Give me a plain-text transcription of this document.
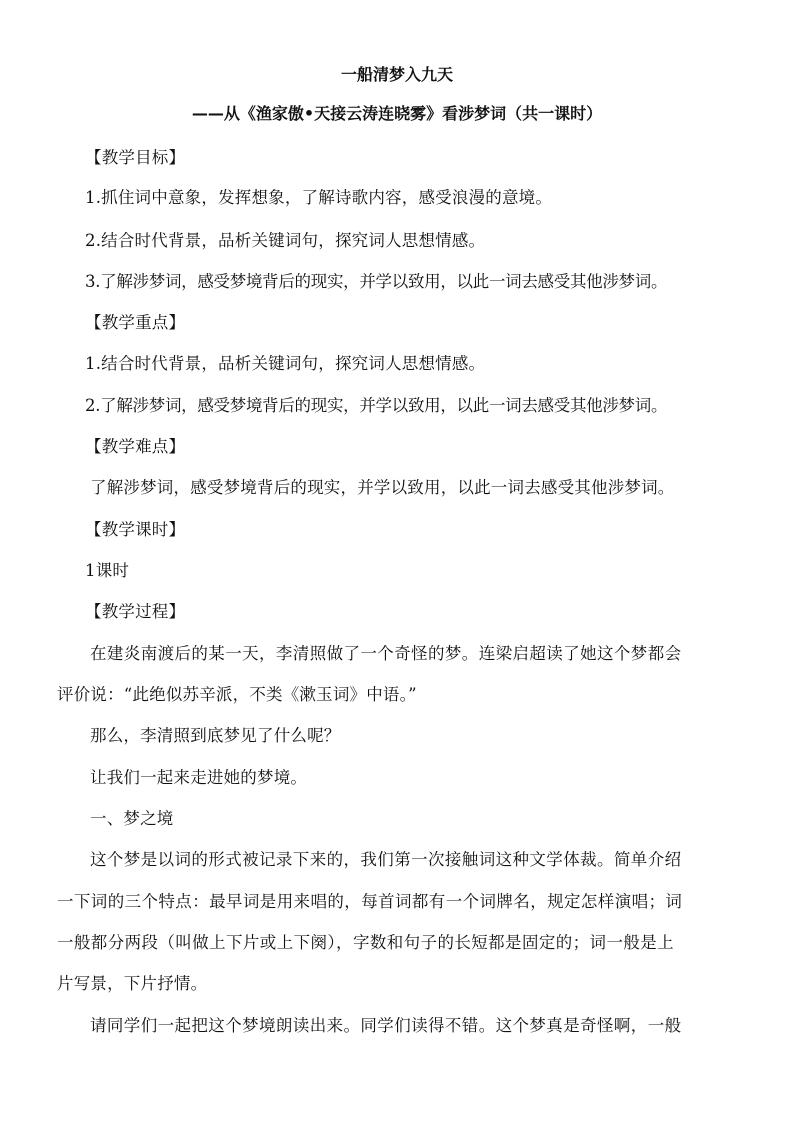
一船清梦入九天
——从《渔家傲•天接云涛连晓雾》看涉梦词（共一课时）
【教学目标】
1.抓住词中意象，发挥想象，了解诗歌内容，感受浪漫的意境。
2.结合时代背景，品析关键词句，探究词人思想情感。
3.了解涉梦词，感受梦境背后的现实，并学以致用，以此一词去感受其他涉梦词。
【教学重点】
1.结合时代背景，品析关键词句，探究词人思想情感。
2.了解涉梦词，感受梦境背后的现实，并学以致用，以此一词去感受其他涉梦词。
【教学难点】
了解涉梦词，感受梦境背后的现实，并学以致用，以此一词去感受其他涉梦词。
【教学课时】
1课时
【教学过程】
在建炎南渡后的某一天，李清照做了一个奇怪的梦。连梁启超读了她这个梦都会
评价说：“此绝似苏辛派，不类《漱玉词》中语。”
那么，李清照到底梦见了什么呢？
让我们一起来走进她的梦境。
一、梦之境
这个梦是以词的形式被记录下来的，我们第一次接触词这种文学体裁。简单介绍
一下词的三个特点：最早词是用来唱的，每首词都有一个词牌名，规定怎样演唱；词
一般都分两段（叫做上下片或上下阕），字数和句子的长短都是固定的；词一般是上
片写景，下片抒情。
请同学们一起把这个梦境朗读出来。同学们读得不错。这个梦真是奇怪啊，一般
